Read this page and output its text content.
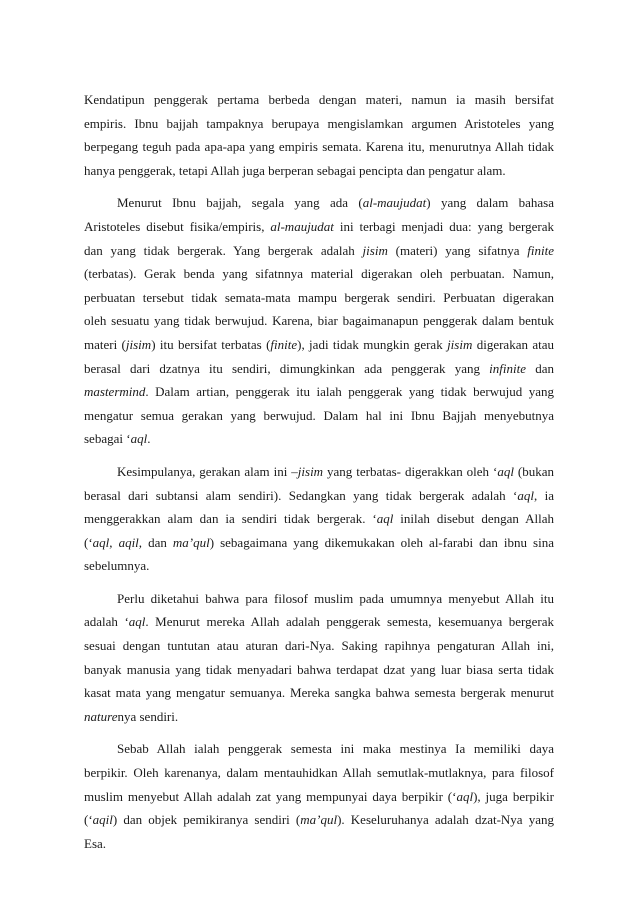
Kendatipun penggerak pertama berbeda dengan materi, namun ia masih bersifat
empiris. Ibnu bajjah tampaknya berupaya mengislamkan argumen Aristoteles yang
berpegang teguh pada apa-apa yang empiris semata. Karena itu, menurutnya Allah tidak
hanya penggerak, tetapi Allah juga berperan sebagai pencipta dan pengatur alam.
Menurut Ibnu bajjah, segala yang ada (al-maujudat) yang dalam bahasa
Aristoteles disebut fisika/empiris, al-maujudat ini terbagi menjadi dua: yang bergerak
dan yang tidak bergerak. Yang bergerak adalah jisim (materi) yang sifatnya finite
(terbatas). Gerak benda yang sifatnnya material digerakan oleh perbuatan. Namun,
perbuatan tersebut tidak semata-mata mampu bergerak sendiri. Perbuatan digerakan
oleh sesuatu yang tidak berwujud. Karena, biar bagaimanapun penggerak dalam bentuk
materi (jisim) itu bersifat terbatas (finite), jadi tidak mungkin gerak jisim digerakan atau
berasal dari dzatnya itu sendiri, dimungkinkan ada penggerak yang infinite dan
mastermind. Dalam artian, penggerak itu ialah penggerak yang tidak berwujud yang
mengatur semua gerakan yang berwujud. Dalam hal ini Ibnu Bajjah menyebutnya
sebagai ‘aql.
Kesimpulanya, gerakan alam ini –jisim yang terbatas- digerakkan oleh ‘aql (bukan
berasal dari subtansi alam sendiri). Sedangkan yang tidak bergerak adalah ‘aql, ia
menggerakkan alam dan ia sendiri tidak bergerak. ‘aql inilah disebut dengan Allah
(‘aql, aqil, dan ma’qul) sebagaimana yang dikemukakan oleh al-farabi dan ibnu sina
sebelumnya.
Perlu diketahui bahwa para filosof muslim pada umumnya menyebut Allah itu
adalah ‘aql. Menurut mereka Allah adalah penggerak semesta, kesemuanya bergerak
sesuai dengan tuntutan atau aturan dari-Nya. Saking rapihnya pengaturan Allah ini,
banyak manusia yang tidak menyadari bahwa terdapat dzat yang luar biasa serta tidak
kasat mata yang mengatur semuanya. Mereka sangka bahwa semesta bergerak menurut
naturenya sendiri.
Sebab Allah ialah penggerak semesta ini maka mestinya Ia memiliki daya
berpikir. Oleh karenanya, dalam mentauhidkan Allah semutlak-mutlaknya, para filosof
muslim menyebut Allah adalah zat yang mempunyai daya berpikir (‘aql), juga berpikir
(‘aqil) dan objek pemikiranya sendiri (ma’qul). Keseluruhanya adalah dzat-Nya yang
Esa.
